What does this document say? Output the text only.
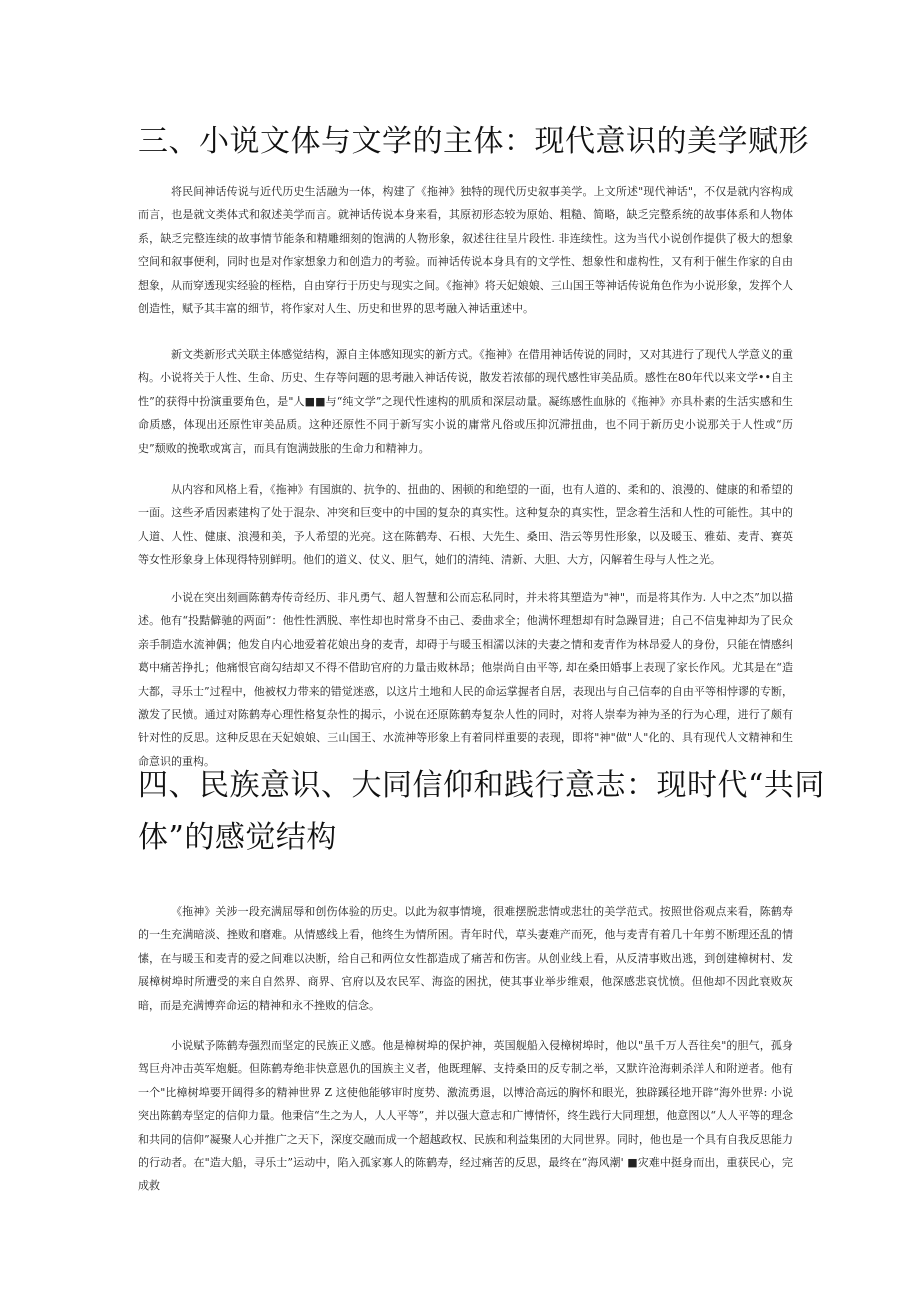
三、小说文体与文学的主体：现代意识的美学赋形

将民间神话传说与近代历史生活融为一体，构建了《拖神》独特的现代历史叙事美学。上文所述"现代神话"，不仅是就内容构成而言，也是就文类体式和叙述美学而言。就神话传说本身来看，其原初形态较为原始、粗糙、简略，缺乏完整系统的故事体系和人物体系，缺乏完整连续的故事情节能条和精雕细刻的饱满的人物形象，叙述往往呈片段性. 非连续性。这为当代小说创作提供了极大的想象空间和叙事便利，同时也是对作家想象力和创造力的考验。而神话传说本身具有的文学性、想象性和虚构性，又有利于催生作家的自由想象，从而穿透现实经验的桎梏，自由穿行于历史与现实之间。《拖神》将天妃娘娘、三山国王等神话传说角色作为小说形象，发挥个人创造性，赋予其丰富的细节，将作家对人生、历史和世界的思考融入神话重述中。

新文类新形式关联主体感觉结构，源自主体感知现实的新方式。《拖神》在借用神话传说的同时，又对其进行了现代人学意义的重构。小说将关于人性、生命、历史、生存等问题的思考融入神话传说，散发若浓郁的现代感性审美品质。感性在80年代以来文学••自主性”的获得中扮演重要角色，是"人■■与“纯文学”之现代性速构的肌质和深层动量。凝练感性血脉的《拖神》亦具朴素的生活实感和生命质感，体现出还原性审美品质。这种还原性不同于新写实小说的庸常凡俗或压抑沉滞扭曲，也不同于新历史小说那关于人性或“历史”颓败的挽歌或寓言，而具有饱满鼓胀的生命力和精神力。

从内容和风格上看，《拖神》有国旗的、抗争的、扭曲的、困顿的和绝望的一面，也有人道的、柔和的、浪漫的、健康的和希望的一面。这些矛盾因素建构了处于混杂、冲突和巨变中的中国的复杂的真实性。这种复杂的真实性，罡念着生活和人性的可能性。其中的人道、人性、健康、浪漫和美，予人希望的光亮。这在陈鹤寿、石根、大先生、桑田、浩云等男性形象，以及暖玉、雅茹、麦青、赛英等女性形象身上体现得特别鲜明。他们的道义、仗义、胆气，她们的清纯、清新、大胆、大方，闪解着生母与人性之光。

小说在突出刻画陈鹤寿传奇经历、非凡勇气、超人智慧和公而忘私同时，并未将其塑造为"神"，而是将其作为. 人中之杰”加以描述。他有“投黠僻驰的两面”：他性性洒脱、率性却也时常身不由己、委曲求全；他满怀理想却有时急躁冒进；自己不信鬼神却为了民众亲手制造水流神偶；他发自内心地爱着花娘出身的麦青，却碍于与暖玉相濡以沫的夫妻之情和麦青作为林昂爱人的身份，只能在情感纠葛中痛苦挣扎；他痛恨官商勾结却又不得不借助官府的力量击败林昂；他崇尚自由平等, 却在桑田婚事上表现了家长作风。尤其是在“造大都，寻乐士”过程中，他被权力带来的错觉迷惑，以这片土地和人民的命运掌握者自居，表现出与自己信奉的自由平等相悖谬的专断，激发了民愤。通过对陈鹤寿心理性格复杂性的揭示，小说在还原陈鹤寿复杂人性的同时，对将人崇奉为神为圣的行为心理，进行了颇有针对性的反思。这种反思在天妃娘娘、三山国王、水流神等形象上有着同样重要的表现，即将"神"做"人"化的、具有现代人文精神和生命意识的重构。

四、民族意识、大同信仰和践行意志：现时代“共同
体”的感觉结构

《拖神》关涉一段充满屈辱和创伤体验的历史。以此为叙事情境，很难摆脱悲情或悲壮的美学范式。按照世俗观点来看，陈鹤寿的一生充满暗淡、挫败和磨难。从情感线上看，他终生为情所困。青年时代，草头妻难产而死，他与麦青有着几十年剪不断理还乱的情愫，在与暖玉和麦青的爱之间难以决断，给自己和两位女性都造成了痛苦和伤害。从创业线上看，从反清事败出逃，到创建樟树村、发展樟树埠时所遭受的来自自然界、商界、官府以及农民军、海盗的困扰，使其事业举步维艰，他深感悲哀忧愤。但他却不因此衰败灰暗，而是充满博弈命运的精神和永不挫败的信念。

小说赋予陈鹤寿强烈而坚定的民族正义感。他是樟树埠的保护神，英国舰船入侵樟树埠时，他以"虽千万人吾往矣"的胆气，孤身驾巨舟冲击英军炮艇。但陈鹤寿绝非快意恩仇的国族主义者，他既理解、支持桑田的反专制之举，又默许沧海刺杀洋人和附逆者。他有一个"比樟树埠要开阔得多的精神世界 Z 这使他能够审时度势、激流勇退，以博洽高远的胸怀和眼光，独辟蹊径地开辟“海外世界: 小说突出陈鹤寿坚定的信仰力量。他秉信“生之为人，人人平等”，并以强大意志和广博情怀，终生践行大同理想，他意图以“人人平等的理念和共同的信仰”凝聚人心并推广之天下，深度交融而成一个超越政权、民族和利益集团的大同世界。同时，他也是一个具有自我反思能力的行动者。在"造大船，寻乐士”运动中，陷入孤家寡人的陈鹤寿，经过痛苦的反思，最终在“海风潮' ■灾难中挺身而出，重获民心，完成救
